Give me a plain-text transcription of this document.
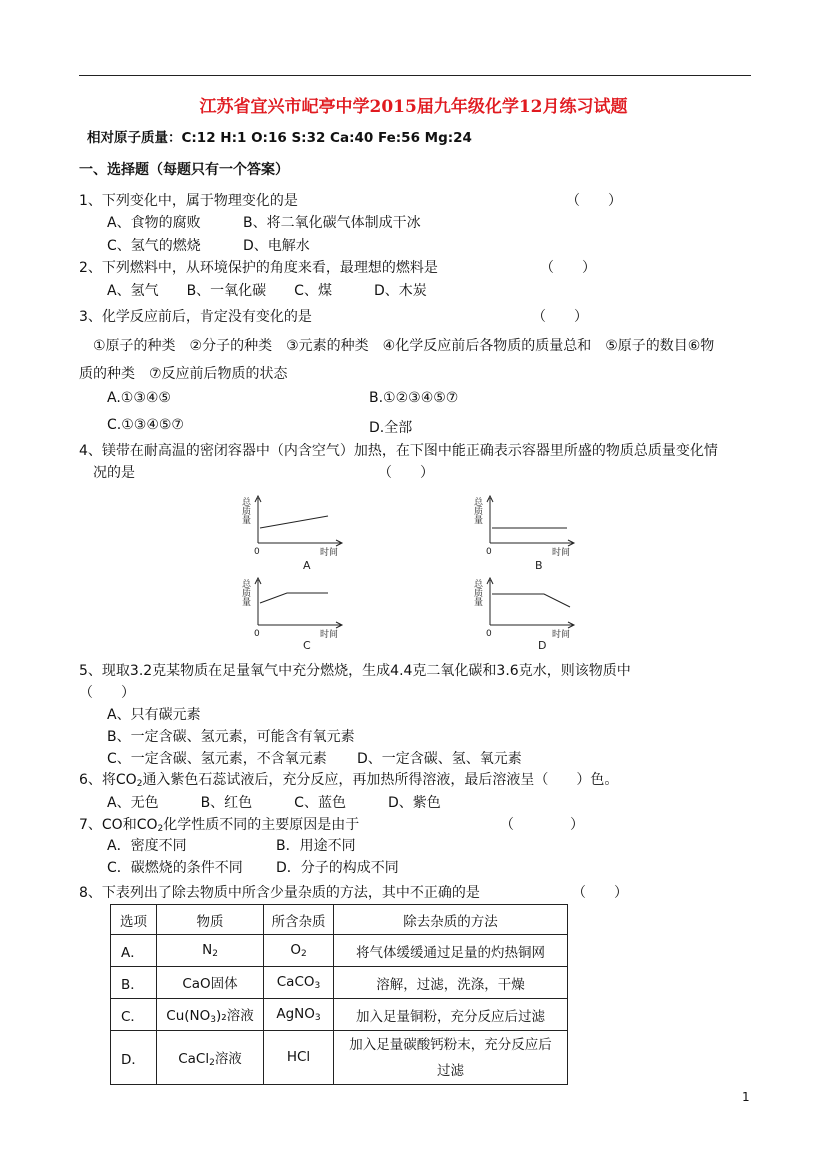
江苏省宜兴市屺亭中学2015届九年级化学12月练习试题
相对原子质量：C:12 H:1 O:16 S:32 Ca:40 Fe:56 Mg:24
一、选择题（每题只有一个答案）
1、下列变化中，属于物理变化的是	（　　）
A、食物的腐败	B、将二氧化碳气体制成干冰
C、氢气的燃烧	D、电解水
2、下列燃料中，从环境保护的角度来看，最理想的燃料是	（　　）
A、氢气　　B、一氧化碳　　C、煤　　　D、木炭
3、化学反应前后，肯定没有变化的是	（　　）
①原子的种类　②分子的种类　③元素的种类　④化学反应前后各物质的质量总和　⑤原子的数目⑥物
质的种类　⑦反应前后物质的状态
A.①③④⑤	B.①②③④⑤⑦
C.①③④⑤⑦	D.全部
4、镁带在耐高温的密闭容器中（内含空气）加热，在下图中能正确表示容器里所盛的物质总质量变化情
况的是	（　　）
总
质
量
0	时间
A
总
质
量
0	时间
B
总
质
量
0	时间
C
总
质
量
0	时间
D
5、现取3.2克某物质在足量氧气中充分燃烧，生成4.4克二氧化碳和3.6克水，则该物质中
（　　）
A、只有碳元素
B、一定含碳、氢元素，可能含有氧元素
C、一定含碳、氢元素，不含氧元素 D、一定含碳、氢、氧元素
6、将$CO_2$通入紫色石蕊试液后，充分反应，再加热所得溶液，最后溶液呈（　　）色。
A、无色　　　B、红色　　　C、蓝色　　　D、紫色
7、CO和$CO_2$化学性质不同的主要原因是由于	（　　　　）
A．密度不同	B．用途不同
C．碳燃烧的条件不同 D．分子的构成不同
8、下表列出了除去物质中所含少量杂质的方法，其中不正确的是	（　　）
选项	物质	所含杂质	除去杂质的方法
A．	$N_2$	$O_2$	将气体缓缓通过足量的灼热铜网
B．	CaO固体	CaCO$_3$	溶解，过滤，洗涤，干燥
C．	$Cu(NO_3)_2$溶液	AgNO$_3$	加入足量铜粉，充分反应后过滤
D．	CaCl$_2$溶液	HCl	加入足量碳酸钙粉末，充分反应后
过滤
1
